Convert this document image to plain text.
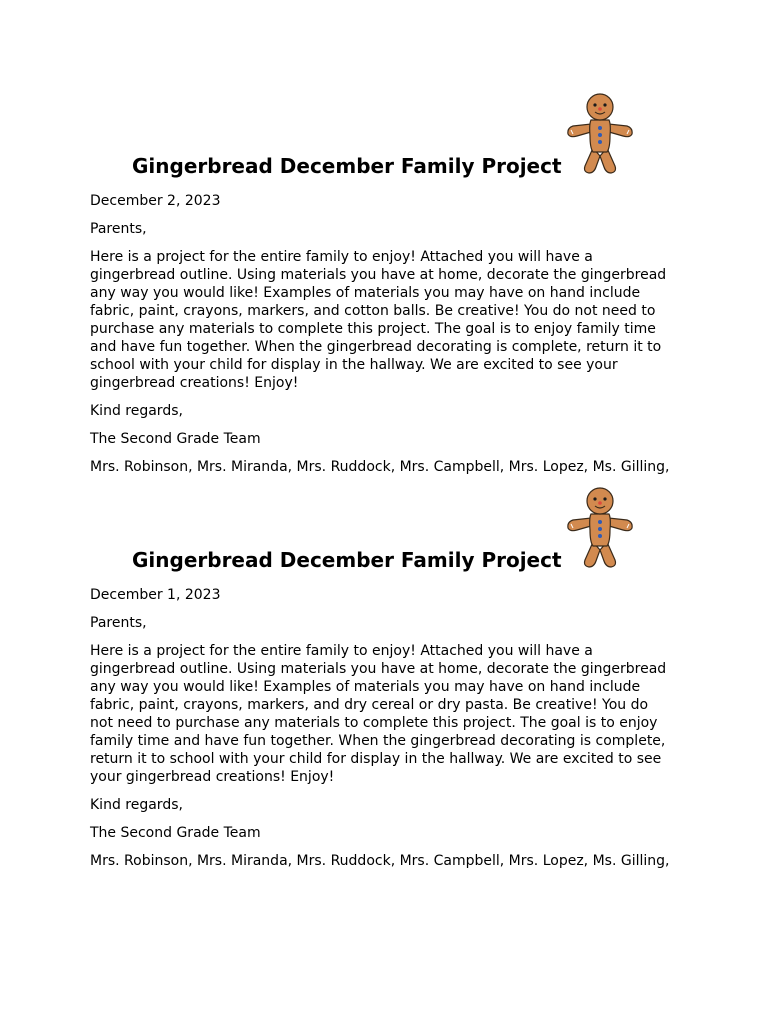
Gingerbread December Family Project

December 2, 2023

Parents,

Here is a project for the entire family to enjoy! Attached you will have a gingerbread outline. Using materials you have at home, decorate the gingerbread any way you would like! Examples of materials you may have on hand include fabric, paint, crayons, markers, and cotton balls. Be creative! You do not need to purchase any materials to complete this project. The goal is to enjoy family time and have fun together. When the gingerbread decorating is complete, return it to school with your child for display in the hallway. We are excited to see your gingerbread creations! Enjoy!

Kind regards,

The Second Grade Team

Mrs. Robinson, Mrs. Miranda, Mrs. Ruddock, Mrs. Campbell, Mrs. Lopez, Ms. Gilling,

Gingerbread December Family Project

December 1, 2023

Parents,

Here is a project for the entire family to enjoy! Attached you will have a gingerbread outline. Using materials you have at home, decorate the gingerbread any way you would like! Examples of materials you may have on hand include fabric, paint, crayons, markers, and dry cereal or dry pasta. Be creative! You do not need to purchase any materials to complete this project. The goal is to enjoy family time and have fun together. When the gingerbread decorating is complete, return it to school with your child for display in the hallway. We are excited to see your gingerbread creations! Enjoy!

Kind regards,

The Second Grade Team

Mrs. Robinson, Mrs. Miranda, Mrs. Ruddock, Mrs. Campbell, Mrs. Lopez, Ms. Gilling,
